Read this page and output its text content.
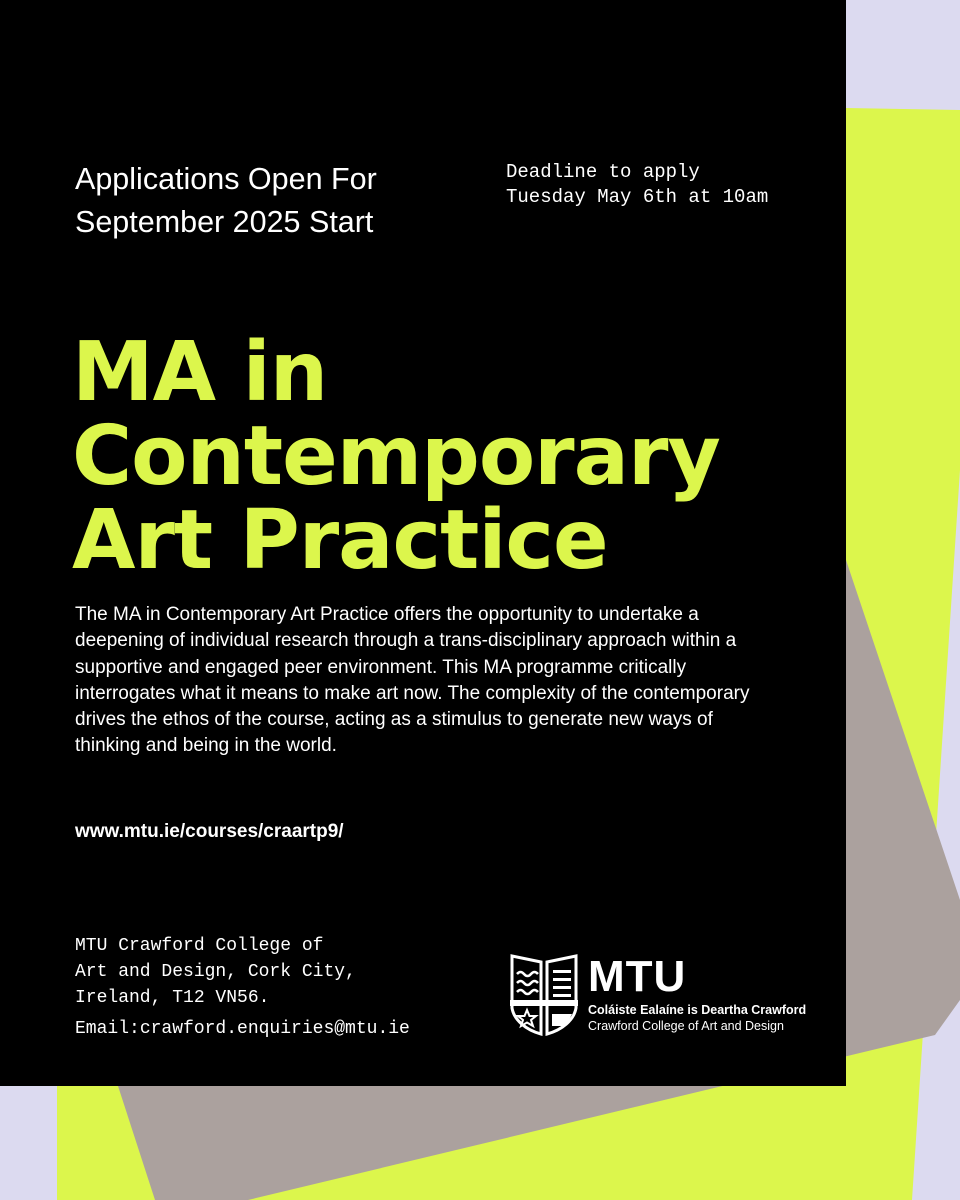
Applications Open For
September 2025 Start
Deadline to apply
Tuesday May 6th at 10am
MA in
Contemporary
Art Practice

The MA in Contemporary Art Practice offers the opportunity to undertake a deepening of individual research through a trans-disciplinary approach within a supportive and engaged peer environment. This MA programme critically interrogates what it means to make art now. The complexity of the contemporary drives the ethos of the course, acting as a stimulus to generate new ways of thinking and being in the world.

www.mtu.ie/courses/craartp9/
MTU Crawford College of
Art and Design, Cork City,
Ireland, T12 VN56.
Email:crawford.enquiries@mtu.ie
MTU
Coláiste Ealaíne is Deartha Crawford
Crawford College of Art and Design
